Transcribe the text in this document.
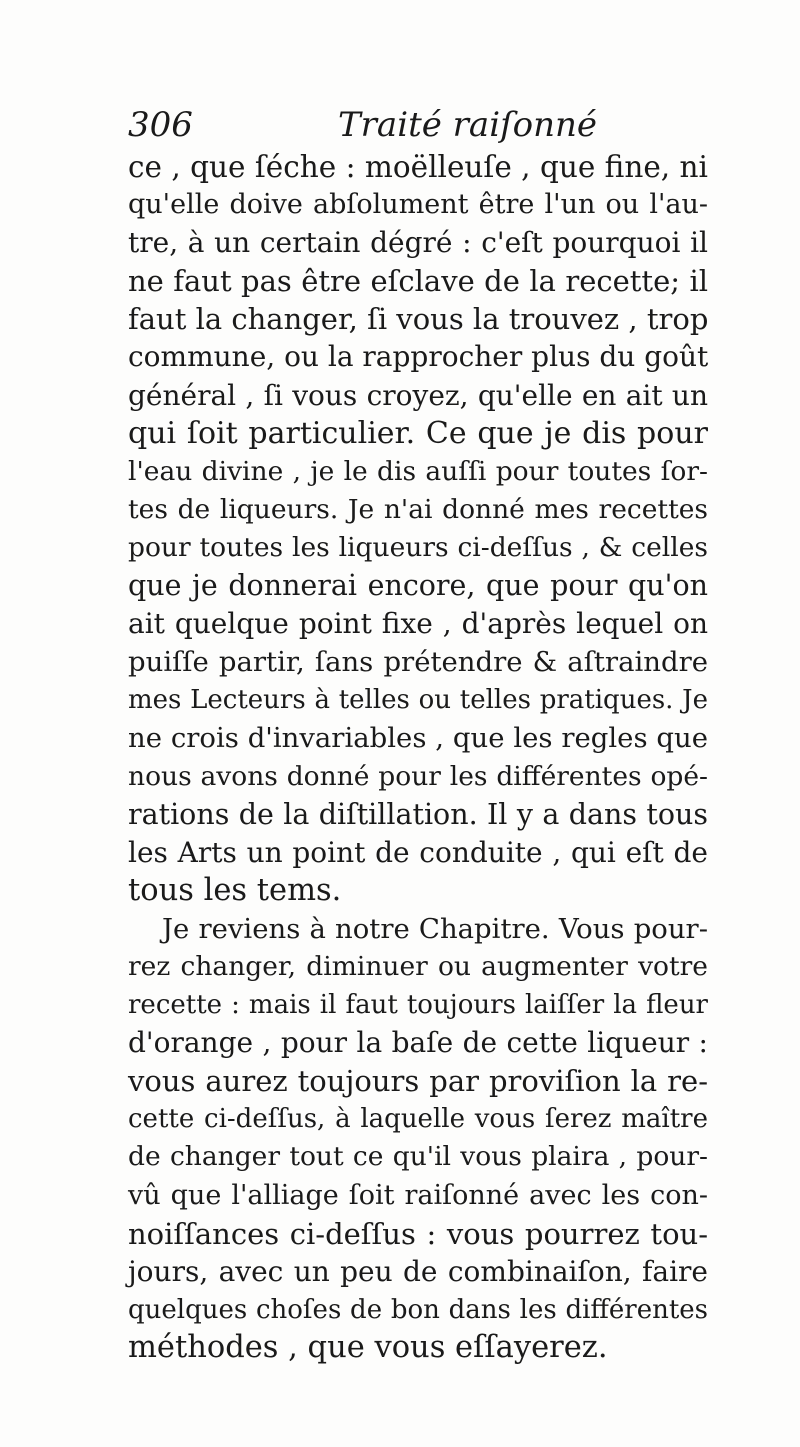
306	Traité raiſonné
ce , que ſéche : moëlleuſe , que fine, ni
qu'elle doive abſolument être l'un ou l'au-
tre, à un certain dégré : c'eſt pourquoi il
ne faut pas être eſclave de la recette; il
faut la changer, ſi vous la trouvez , trop
commune, ou la rapprocher plus du goût
général , ſi vous croyez, qu'elle en ait un
qui ſoit particulier. Ce que je dis pour
l'eau divine , je le dis auſſi pour toutes ſor-
tes de liqueurs. Je n'ai donné mes recettes
pour toutes les liqueurs ci-deſſus , & celles
que je donnerai encore, que pour qu'on
ait quelque point fixe , d'après lequel on
puiſſe partir, ſans prétendre & aſtraindre
mes Lecteurs à telles ou telles pratiques. Je
ne crois d'invariables , que les regles que
nous avons donné pour les différentes opé-
rations de la diſtillation. Il y a dans tous
les Arts un point de conduite , qui eſt de
tous les tems.
Je reviens à notre Chapitre. Vous pour-
rez changer, diminuer ou augmenter votre
recette : mais il faut toujours laiſſer la fleur
d'orange , pour la baſe de cette liqueur :
vous aurez toujours par proviſion la re-
cette ci-deſſus, à laquelle vous ſerez maître
de changer tout ce qu'il vous plaira , pour-
vû que l'alliage ſoit raiſonné avec les con-
noiſſances ci-deſſus : vous pourrez tou-
jours, avec un peu de combinaiſon, faire
quelques choſes de bon dans les différentes
méthodes , que vous eſſayerez.
